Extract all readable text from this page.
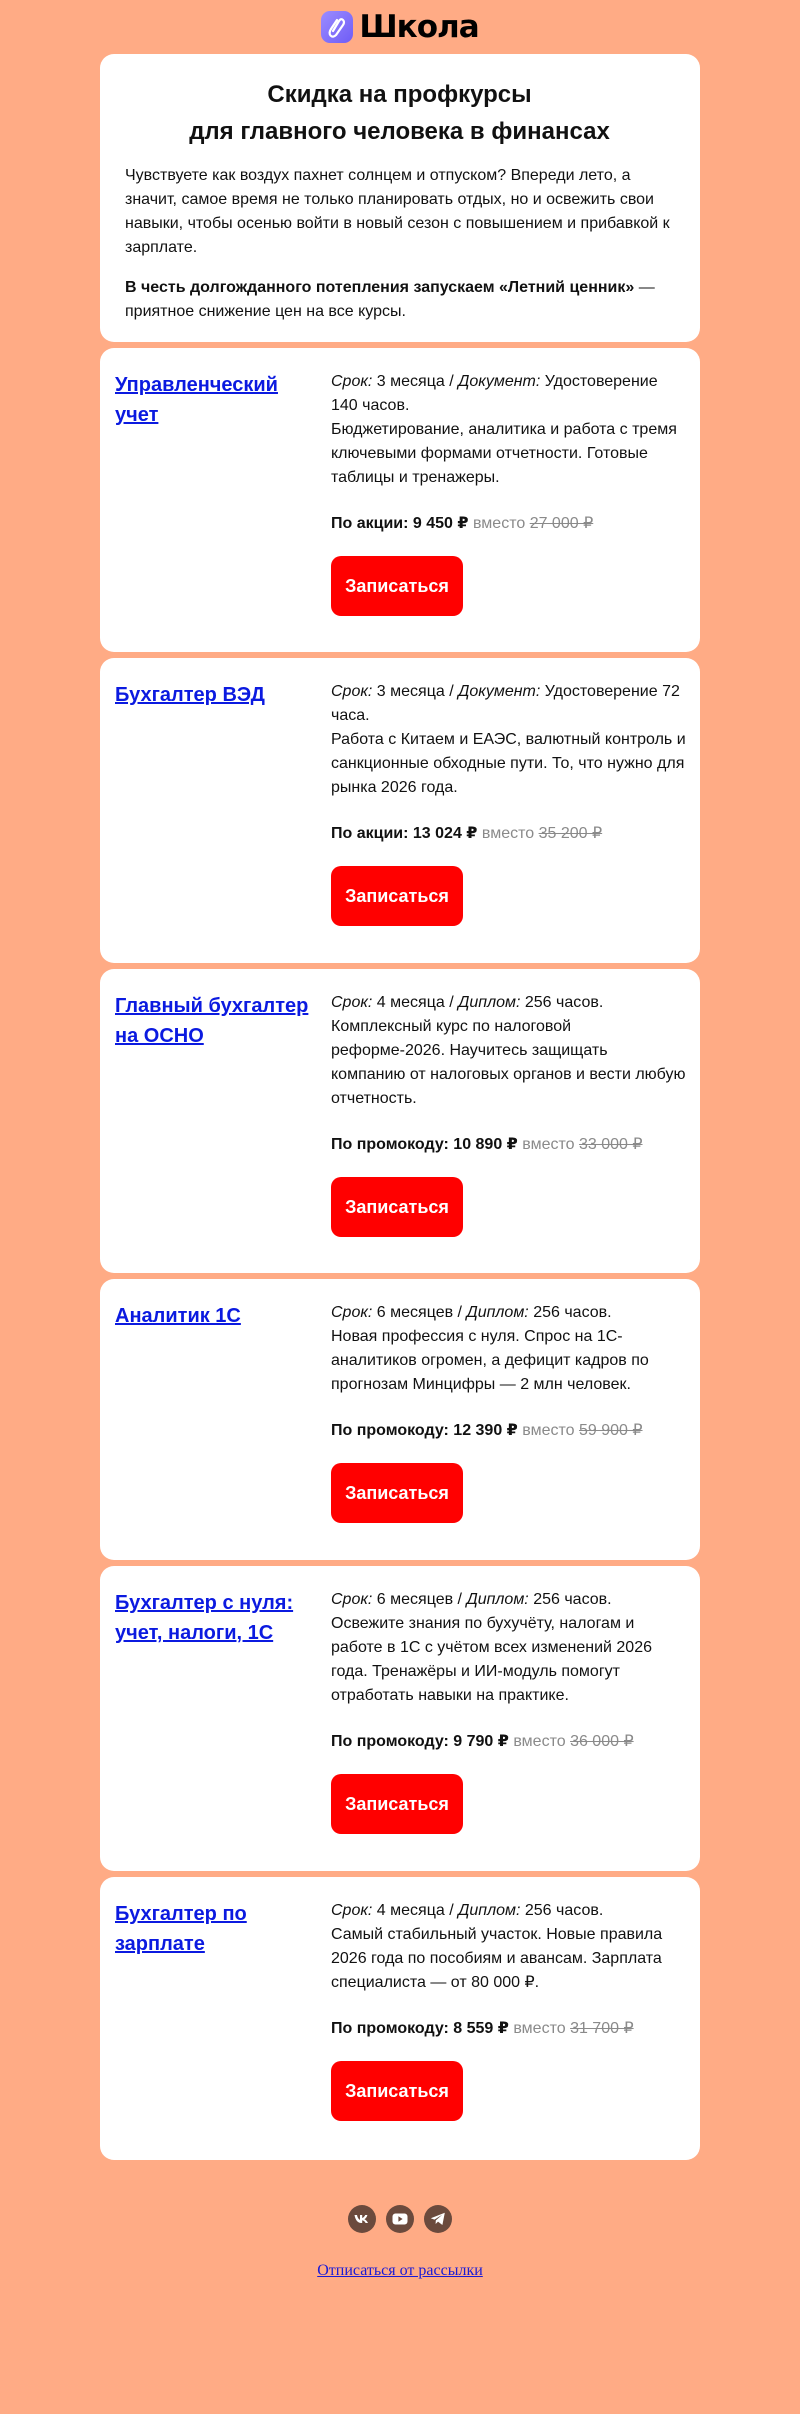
Школа
Скидка на профкурсы
для главного человека в финансах

Чувствуете как воздух пахнет солнцем и отпуском? Впереди лето, а значит, самое время не только планировать отдых, но и освежить свои навыки, чтобы осенью войти в новый сезон с повышением и прибавкой к зарплате.

В честь долгожданного потепления запускаем «Летний ценник» — приятное снижение цен на все курсы.

Управленческий учет
Срок: 3 месяца / Документ: Удостоверение 140 часов.
Бюджетирование, аналитика и работа с тремя ключевыми формами отчетности. Готовые таблицы и тренажеры.
По акции: 9 450 ₽ вместо 27 000 ₽
Записаться
Бухгалтер ВЭД	Срок: 3 месяца / Документ: Удостоверение 72 часа.
Работа с Китаем и ЕАЭС, валютный контроль и санкционные обходные пути. То, что нужно для рынка 2026 года.
По акции: 13 024 ₽ вместо 35 200 ₽
Записаться
Главный бухгалтер на ОСНО
Срок: 4 месяца / Диплом: 256 часов.
Комплексный курс по налоговой реформе-2026. Научитесь защищать компанию от налоговых органов и вести любую отчетность.
По промокоду: 10 890 ₽ вместо 33 000 ₽
Записаться
Аналитик 1С	Срок: 6 месяцев / Диплом: 256 часов.
Новая профессия с нуля. Спрос на 1С-аналитиков огромен, а дефицит кадров по прогнозам Минцифры — 2 млн человек.
По промокоду: 12 390 ₽ вместо 59 900 ₽
Записаться
Бухгалтер с нуля: учет, налоги, 1С
Срок: 6 месяцев / Диплом: 256 часов.
Освежите знания по бухучёту, налогам и работе в 1С с учётом всех изменений 2026 года. Тренажёры и ИИ-модуль помогут отработать навыки на практике.
По промокоду: 9 790 ₽ вместо 36 000 ₽
Записаться
Бухгалтер по зарплате
Срок: 4 месяца / Диплом: 256 часов.
Самый стабильный участок. Новые правила 2026 года по пособиям и авансам. Зарплата специалиста — от 80 000 ₽.
По промокоду: 8 559 ₽ вместо 31 700 ₽
Записаться
Отписаться от рассылки
